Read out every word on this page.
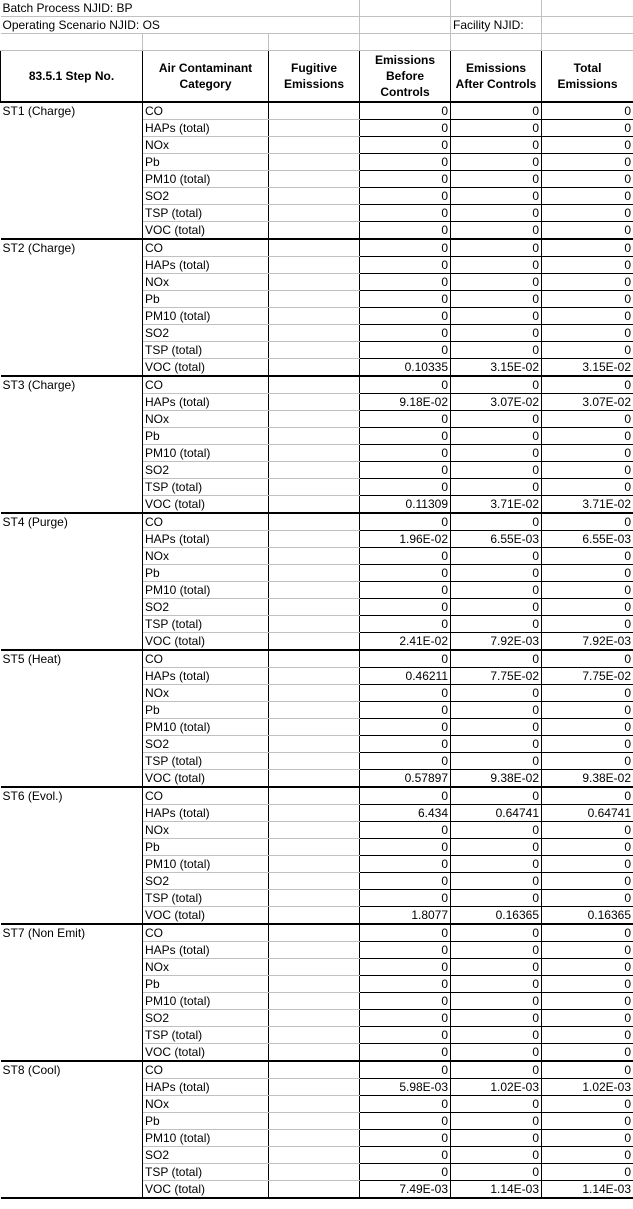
Batch Process NJID: BP					
Operating Scenario NJID: OS				Facility NJID:	

83.5.1 Step No.	Air Contaminant Category	Fugitive Emissions	Emissions Before Controls	Emissions After Controls	Total Emissions
ST1 (Charge)	CO		0	0	0
	HAPs (total)		0	0	0
	NOx		0	0	0
	Pb		0	0	0
	PM10 (total)		0	0	0
	SO2		0	0	0
	TSP (total)		0	0	0
	VOC (total)		0	0	0
ST2 (Charge)	CO		0	0	0
	HAPs (total)		0	0	0
	NOx		0	0	0
	Pb		0	0	0
	PM10 (total)		0	0	0
	SO2		0	0	0
	TSP (total)		0	0	0
	VOC (total)		0.10335	3.15E-02	3.15E-02
ST3 (Charge)	CO		0	0	0
	HAPs (total)		9.18E-02	3.07E-02	3.07E-02
	NOx		0	0	0
	Pb		0	0	0
	PM10 (total)		0	0	0
	SO2		0	0	0
	TSP (total)		0	0	0
	VOC (total)		0.11309	3.71E-02	3.71E-02
ST4 (Purge)	CO		0	0	0
	HAPs (total)		1.96E-02	6.55E-03	6.55E-03
	NOx		0	0	0
	Pb		0	0	0
	PM10 (total)		0	0	0
	SO2		0	0	0
	TSP (total)		0	0	0
	VOC (total)		2.41E-02	7.92E-03	7.92E-03
ST5 (Heat)	CO		0	0	0
	HAPs (total)		0.46211	7.75E-02	7.75E-02
	NOx		0	0	0
	Pb		0	0	0
	PM10 (total)		0	0	0
	SO2		0	0	0
	TSP (total)		0	0	0
	VOC (total)		0.57897	9.38E-02	9.38E-02
ST6 (Evol.)	CO		0	0	0
	HAPs (total)		6.434	0.64741	0.64741
	NOx		0	0	0
	Pb		0	0	0
	PM10 (total)		0	0	0
	SO2		0	0	0
	TSP (total)		0	0	0
	VOC (total)		1.8077	0.16365	0.16365
ST7 (Non Emit)	CO		0	0	0
	HAPs (total)		0	0	0
	NOx		0	0	0
	Pb		0	0	0
	PM10 (total)		0	0	0
	SO2		0	0	0
	TSP (total)		0	0	0
	VOC (total)		0	0	0
ST8 (Cool)	CO		0	0	0
	HAPs (total)		5.98E-03	1.02E-03	1.02E-03
	NOx		0	0	0
	Pb		0	0	0
	PM10 (total)		0	0	0
	SO2		0	0	0
	TSP (total)		0	0	0
	VOC (total)		7.49E-03	1.14E-03	1.14E-03
